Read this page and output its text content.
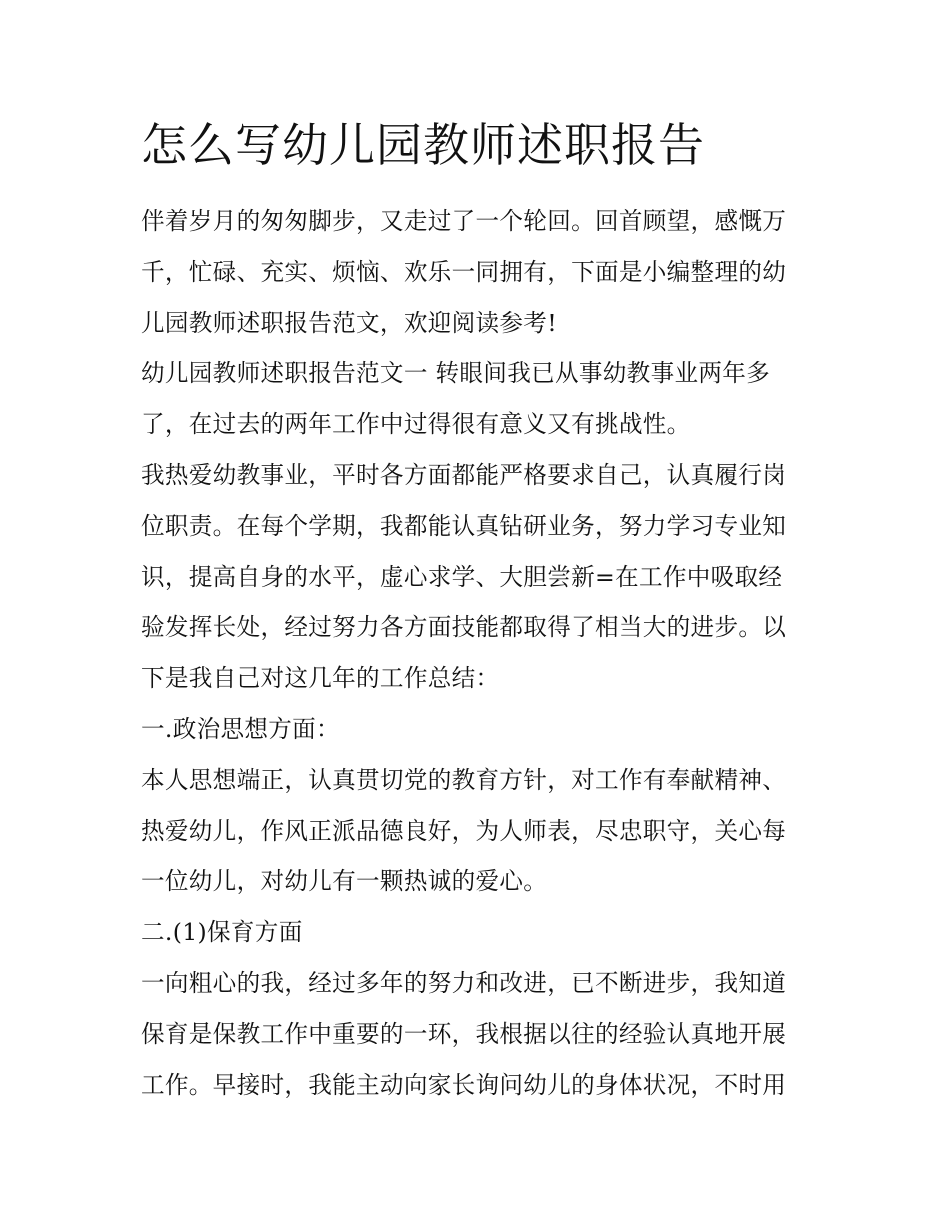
怎么写幼儿园教师述职报告
伴着岁月的匆匆脚步，又走过了一个轮回。回首顾望，感慨万
千，忙碌、充实、烦恼、欢乐一同拥有，下面是小编整理的幼
儿园教师述职报告范文，欢迎阅读参考!
幼儿园教师述职报告范文一 转眼间我已从事幼教事业两年多
了，在过去的两年工作中过得很有意义又有挑战性。
我热爱幼教事业，平时各方面都能严格要求自己，认真履行岗
位职责。在每个学期，我都能认真钻研业务，努力学习专业知
识，提高自身的水平，虚心求学、大胆尝新=在工作中吸取经
验发挥长处，经过努力各方面技能都取得了相当大的进步。以
下是我自己对这几年的工作总结：
一.政治思想方面：
本人思想端正，认真贯切党的教育方针，对工作有奉献精神、
热爱幼儿，作风正派品德良好，为人师表，尽忠职守，关心每
一位幼儿，对幼儿有一颗热诚的爱心。
二.(1)保育方面
一向粗心的我，经过多年的努力和改进，已不断进步，我知道
保育是保教工作中重要的一环，我根据以往的经验认真地开展
工作。早接时，我能主动向家长询问幼儿的身体状况，不时用
